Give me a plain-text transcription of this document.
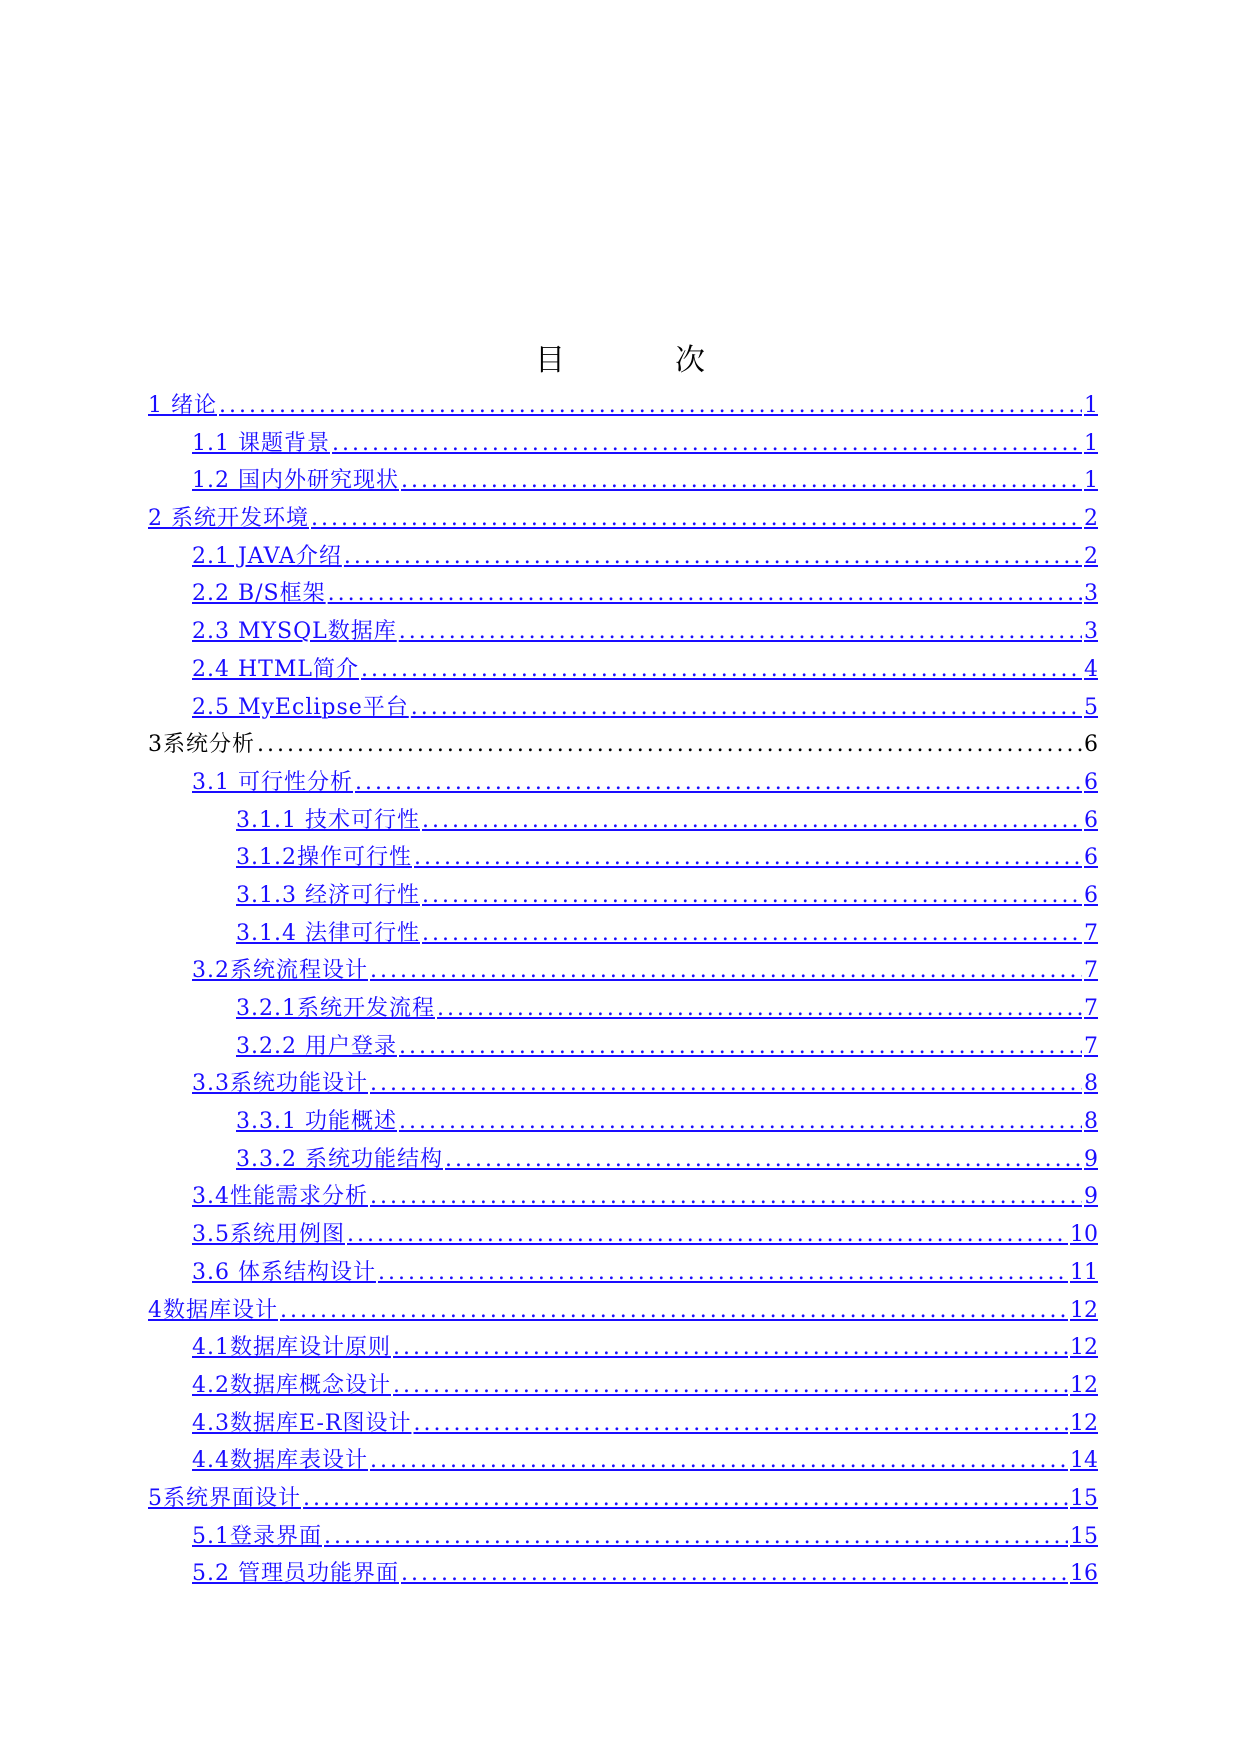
目　次
1 绪论 .....	1
1.1 课题背景 .....	1
1.2 国内外研究现状 .....	1
2 系统开发环境 .....	2
2.1 JAVA介绍 .....	2
2.2 B/S框架 .....	3
2.3 MYSQL数据库 .....	3
2.4 HTML简介 .....	4
2.5 MyEclipse平台 .....	5
3系统分析 .....	6
3.1 可行性分析 .....	6
3.1.1 技术可行性 .....	6
3.1.2操作可行性 .....	6
3.1.3 经济可行性 .....	6
3.1.4 法律可行性 .....	7
3.2系统流程设计 .....	7
3.2.1系统开发流程 .....	7
3.2.2 用户登录 .....	7
3.3系统功能设计 .....	8
3.3.1 功能概述 .....	8
3.3.2 系统功能结构 .....	9
3.4性能需求分析 .....	9
3.5系统用例图 .....	10
3.6 体系结构设计 .....	11
4数据库设计 .....	12
4.1数据库设计原则 .....	12
4.2数据库概念设计 .....	12
4.3数据库E-R图设计 .....	12
4.4数据库表设计 .....	14
5系统界面设计 .....	15
5.1登录界面 .....	15
5.2 管理员功能界面 .....	16
